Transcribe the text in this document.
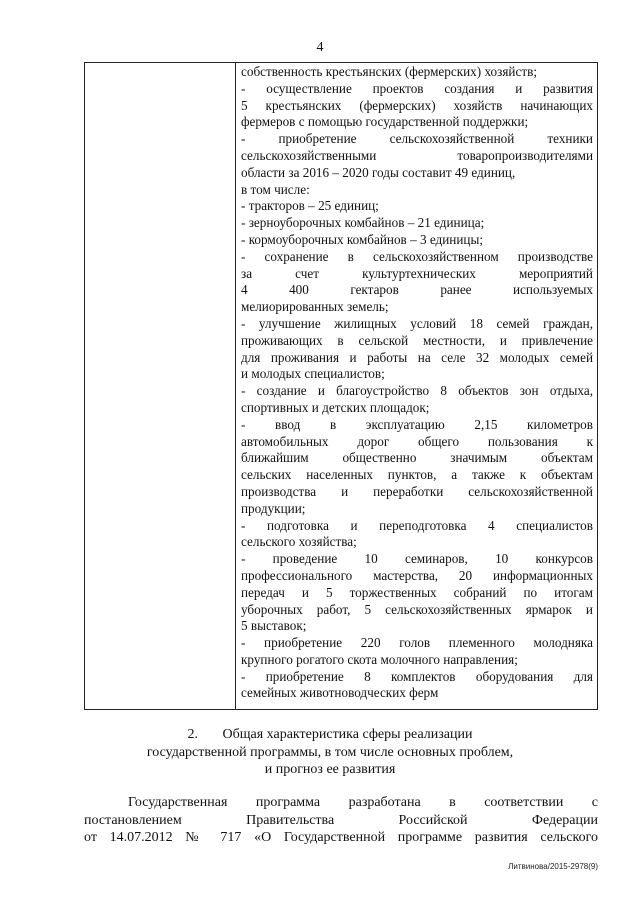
4
собственность крестьянских (фермерских) хозяйств;
- осуществление проектов создания и развития
5 крестьянских (фермерских) хозяйств начинающих
фермеров с помощью государственной поддержки;
- приобретение сельскохозяйственной техники
сельскохозяйственными товаропроизводителями
области за 2016 – 2020 годы составит 49 единиц,
в том числе:
- тракторов – 25 единиц;
- зерноуборочных комбайнов – 21 единица;
- кормоуборочных комбайнов – 3 единицы;
- сохранение в сельскохозяйственном производстве
за счет культуртехнических мероприятий
4 400 гектаров ранее используемых
мелиорированных земель;
- улучшение жилищных условий 18 семей граждан,
проживающих в сельской местности, и привлечение
для проживания и работы на селе 32 молодых семей
и молодых специалистов;
- создание и благоустройство 8 объектов зон отдыха,
спортивных и детских площадок;
- ввод в эксплуатацию 2,15 километров
автомобильных дорог общего пользования к
ближайшим общественно значимым объектам
сельских населенных пунктов, а также к объектам
производства и переработки сельскохозяйственной
продукции;
- подготовка и переподготовка 4 специалистов
сельского хозяйства;
- проведение 10 семинаров, 10 конкурсов
профессионального мастерства, 20 информационных
передач и 5 торжественных собраний по итогам
уборочных работ, 5 сельскохозяйственных ярмарок и
5 выставок;
- приобретение 220 голов племенного молодняка
крупного рогатого скота молочного направления;
- приобретение 8 комплектов оборудования для
семейных животноводческих ферм
2.       Общая характеристика сферы реализации
государственной программы, в том числе основных проблем,
и прогноз ее развития
Государственная программа разработана в соответствии с
постановлением Правительства Российской Федерации
от 14.07.2012 № 717 «О Государственной программе развития сельского
Литвинова/2015-2978(9)
